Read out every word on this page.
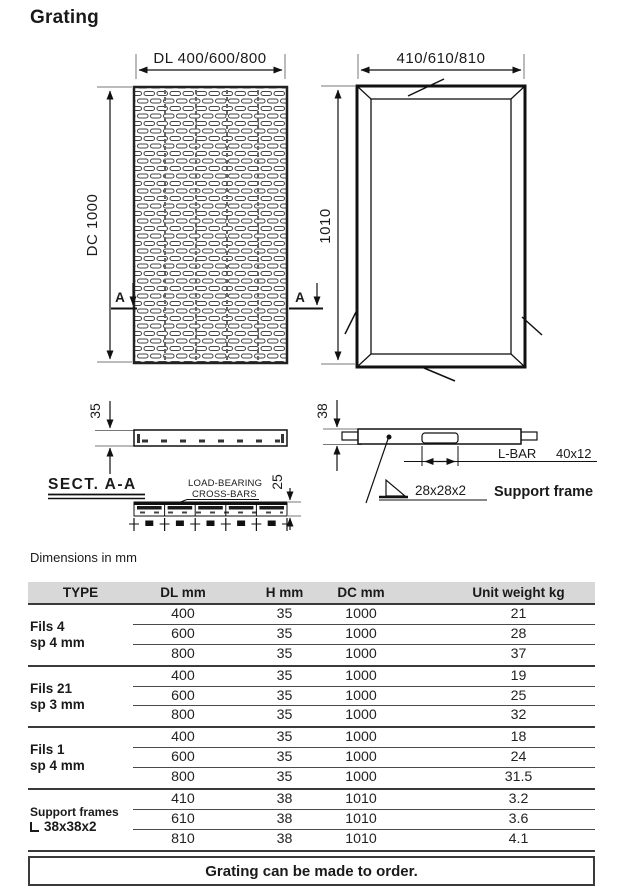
Grating
DL 400/600/800
DC 1000
A	A
410/610/810
1010
35	38
28x28x2 Support frame
L-BAR 40x12
SECT. A-A	LOAD-BEARING
CROSS-BARS
25
Dimensions in mm
TYPE	DL mm	H mm	DC mm	Unit weight kg
Fils 4
sp 4 mm
400	35	1000	21
600	35	1000	28
800	35	1000	37
Fils 21
sp 3 mm
400	35	1000	19
600	35	1000	25
800	35	1000	32
Fils 1
sp 4 mm
400	35	1000	18
600	35	1000	24
800	35	1000	31.5
Support frames
38x38x2
410	38	1010	3.2
610	38	1010	3.6
810	38	1010	4.1
Grating can be made to order.
